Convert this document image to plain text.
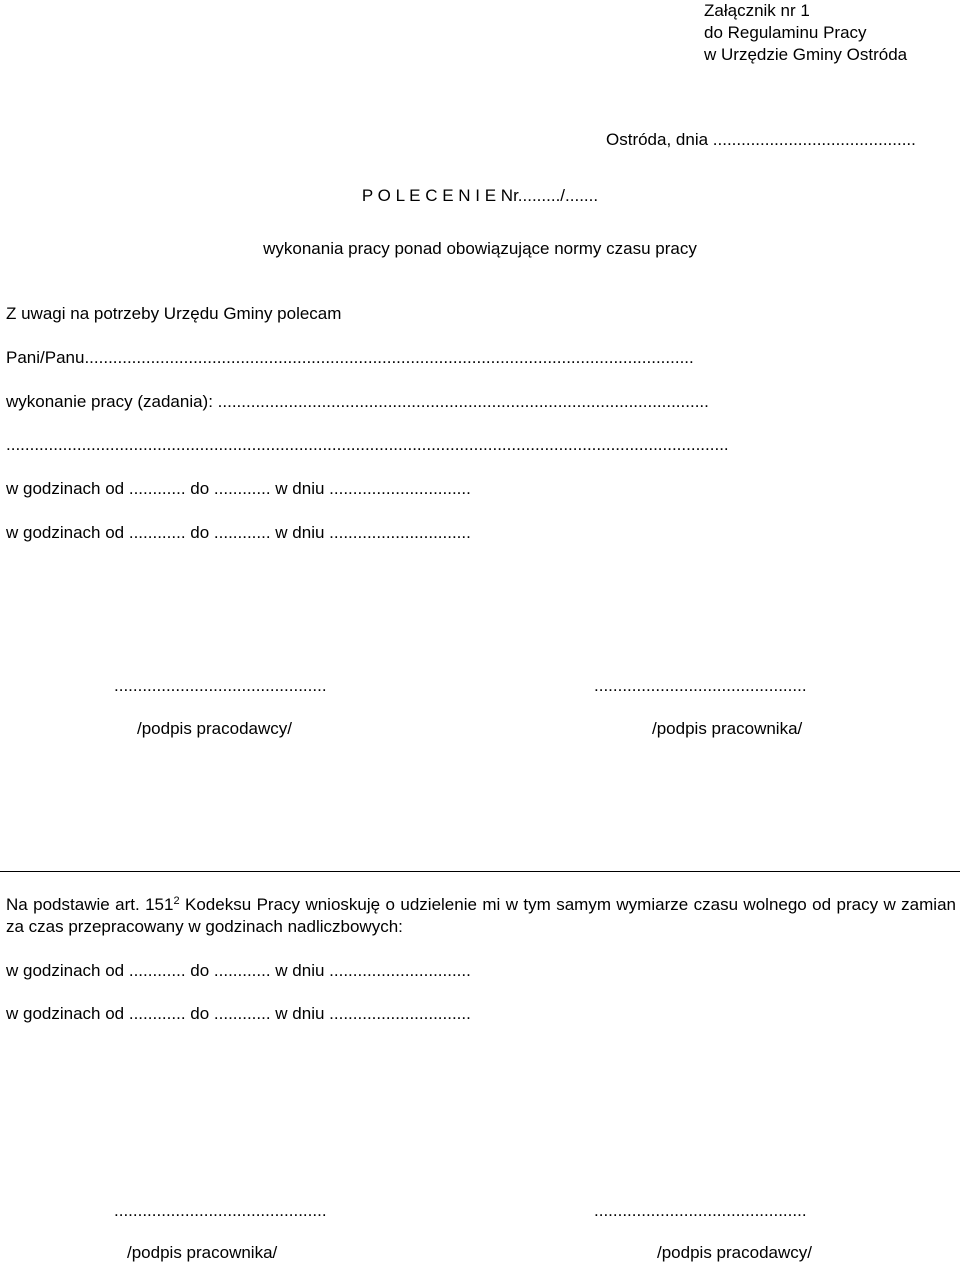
Załącznik nr 1
do Regulaminu Pracy
w Urzędzie Gminy Ostróda
Ostróda, dnia ...........................................
P O L E C E N I E Nr........./.......
wykonania pracy ponad obowiązujące normy czasu pracy
Z uwagi na potrzeby Urzędu Gminy polecam
Pani/Panu.................................................................................................................................
wykonanie pracy (zadania): ........................................................................................................
.........................................................................................................................................................
w godzinach od ............ do ............ w dniu ..............................
w godzinach od ............ do ............ w dniu ..............................
.............................................
/podpis pracodawcy/
.............................................
/podpis pracownika/
Na podstawie art. $151^2$ Kodeksu Pracy wnioskuję o udzielenie mi w tym samym wymiarze czasu wolnego od pracy w zamian za czas przepracowany w godzinach nadliczbowych:
w godzinach od ............ do ............ w dniu ..............................
w godzinach od ............ do ............ w dniu ..............................
.............................................
/podpis pracownika/
.............................................
/podpis pracodawcy/
